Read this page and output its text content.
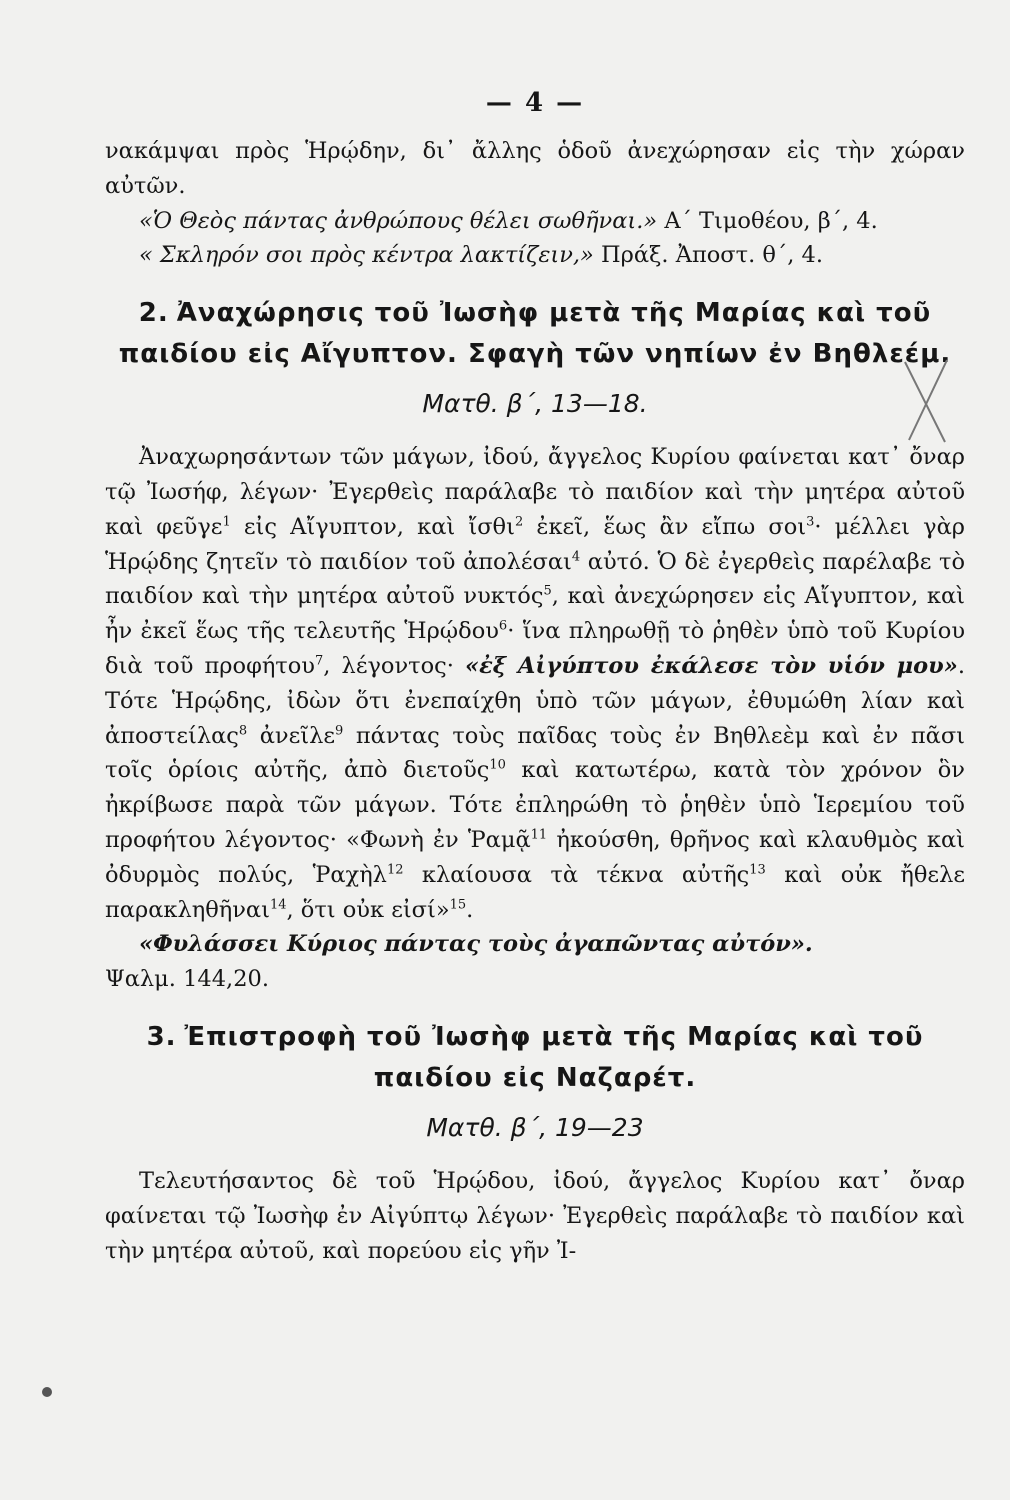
— 4 —

νακάμψαι πρὸς Ἡρῴδην, δι᾽ ἄλλης ὁδοῦ ἀνεχώρησαν εἰς τὴν χώραν αὐτῶν.

«Ὁ Θεὸς πάντας ἀνθρώπους θέλει σωθῆναι.» Α΄ Τιμοθέου, β΄, 4.

« Σκληρόν σοι πρὸς κέντρα λακτίζειν,» Πράξ. Ἀποστ. θ΄, 4.

2. Ἀναχώρησις τοῦ Ἰωσὴφ μετὰ τῆς Μαρίας καὶ τοῦ παιδίου εἰς Αἴγυπτον. Σφαγὴ τῶν νηπίων ἐν Βηθλεέμ.
Ματθ. β΄, 13—18.

Ἀναχωρησάντων τῶν μάγων, ἰδού, ἄγγελος Κυρίου φαίνεται κατ᾽ ὄναρ τῷ Ἰωσήφ, λέγων· Ἐγερθεὶς παράλαβε τὸ παιδίον καὶ τὴν μητέρα αὐτοῦ καὶ φεῦγε$^1$ εἰς Αἴγυπτον, καὶ ἴσθι$^2$ ἐκεῖ, ἕως ἂν εἴπω σοι$^3$· μέλλει γὰρ Ἡρῴδης ζητεῖν τὸ παιδίον τοῦ ἀπολέσαι$^4$ αὐτό. Ὁ δὲ ἐγερθεὶς παρέλαβε τὸ παιδίον καὶ τὴν μητέρα αὐτοῦ νυκτός$^5$, καὶ ἀνεχώρησεν εἰς Αἴγυπτον, καὶ ἦν ἐκεῖ ἕως τῆς τελευτῆς Ἡρῴδου$^6$· ἵνα πληρωθῇ τὸ ῥηθὲν ὑπὸ τοῦ Κυρίου διὰ τοῦ προφήτου$^7$, λέγοντος· «ἐξ Αἰγύπτου ἐκάλεσε τὸν υἱόν μου». Τότε Ἡρῴδης, ἰδὼν ὅτι ἐνεπαίχθη ὑπὸ τῶν μάγων, ἐθυμώθη λίαν καὶ ἀποστείλας$^8$ ἀνεῖλε$^9$ πάντας τοὺς παῖδας τοὺς ἐν Βηθλεὲμ καὶ ἐν πᾶσι τοῖς ὁρίοις αὐτῆς, ἀπὸ διετοῦς$^{10}$ καὶ κατωτέρω, κατὰ τὸν χρόνον ὃν ἠκρίβωσε παρὰ τῶν μάγων. Τότε ἐπληρώθη τὸ ῥηθὲν ὑπὸ Ἱερεμίου τοῦ προφήτου λέγοντος· «Φωνὴ ἐν Ῥαμᾷ$^{11}$ ἠκούσθη, θρῆνος καὶ κλαυθμὸς καὶ ὀδυρμὸς πολύς, Ῥαχὴλ$^{12}$ κλαίουσα τὰ τέκνα αὐτῆς$^{13}$ καὶ οὐκ ἤθελε παρακληθῆναι$^{14}$, ὅτι οὐκ εἰσί»$^{15}$.

«Φυλάσσει Κύριος πάντας τοὺς ἀγαπῶντας αὐτόν».

Ψαλμ. 144,20.

3. Ἐπιστροφὴ τοῦ Ἰωσὴφ μετὰ τῆς Μαρίας καὶ τοῦ παιδίου εἰς Ναζαρέτ.
Ματθ. β΄, 19—23

Τελευτήσαντος δὲ τοῦ Ἡρῴδου, ἰδού, ἄγγελος Κυρίου κατ᾽ ὄναρ φαίνεται τῷ Ἰωσὴφ ἐν Αἰγύπτῳ λέγων· Ἐγερθεὶς παράλαβε τὸ παιδίον καὶ τὴν μητέρα αὐτοῦ, καὶ πορεύου εἰς γῆν Ἰ-
